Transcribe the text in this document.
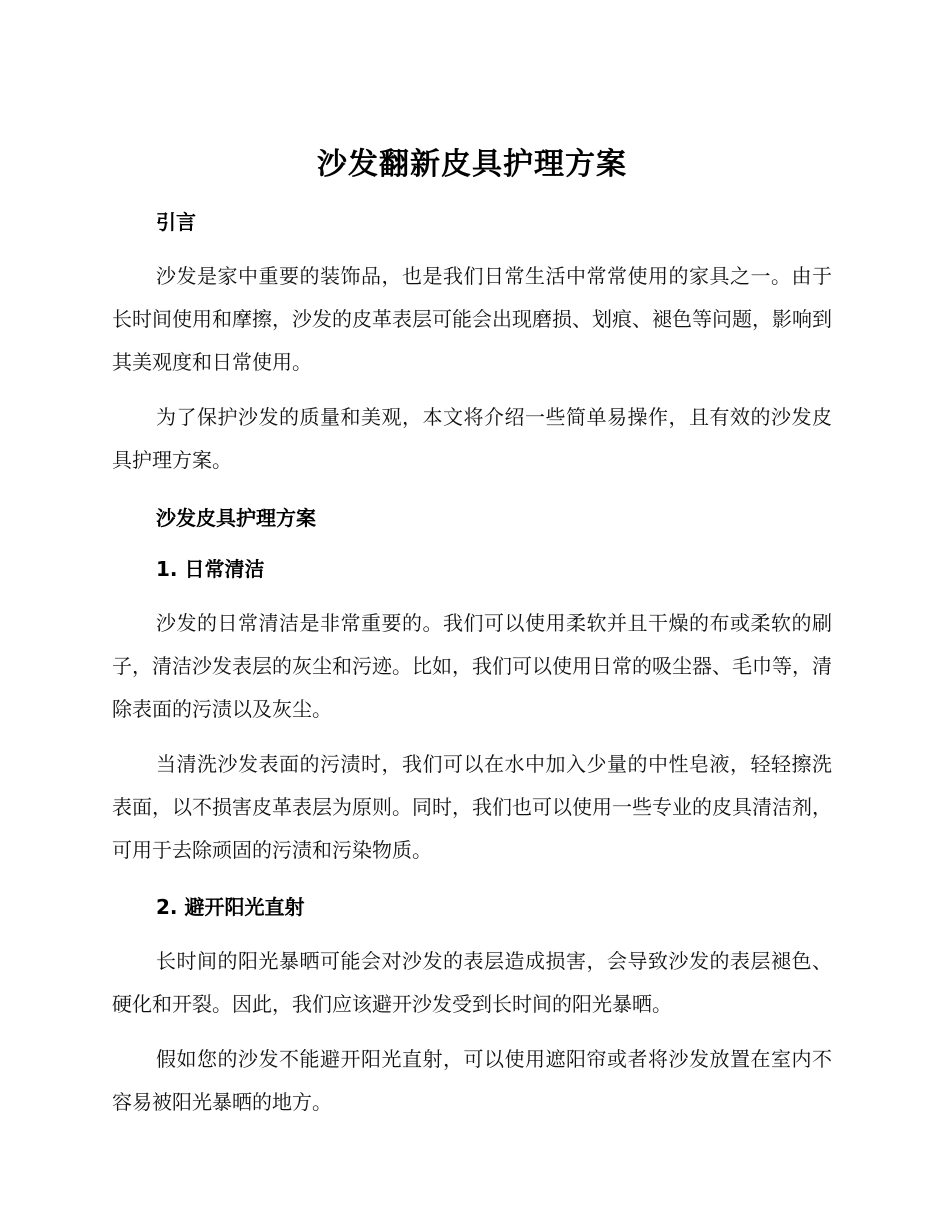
沙发翻新皮具护理方案
引言

沙发是家中重要的装饰品，也是我们日常生活中常常使用的家具之一。由于长时间使用和摩擦，沙发的皮革表层可能会出现磨损、划痕、褪色等问题，影响到其美观度和日常使用。

为了保护沙发的质量和美观，本文将介绍一些简单易操作，且有效的沙发皮具护理方案。

沙发皮具护理方案
1. 日常清洁

沙发的日常清洁是非常重要的。我们可以使用柔软并且干燥的布或柔软的刷子，清洁沙发表层的灰尘和污迹。比如，我们可以使用日常的吸尘器、毛巾等，清除表面的污渍以及灰尘。

当清洗沙发表面的污渍时，我们可以在水中加入少量的中性皂液，轻轻擦洗表面，以不损害皮革表层为原则。同时，我们也可以使用一些专业的皮具清洁剂，可用于去除顽固的污渍和污染物质。

2. 避开阳光直射

长时间的阳光暴晒可能会对沙发的表层造成损害，会导致沙发的表层褪色、硬化和开裂。因此，我们应该避开沙发受到长时间的阳光暴晒。

假如您的沙发不能避开阳光直射，可以使用遮阳帘或者将沙发放置在室内不容易被阳光暴晒的地方。
